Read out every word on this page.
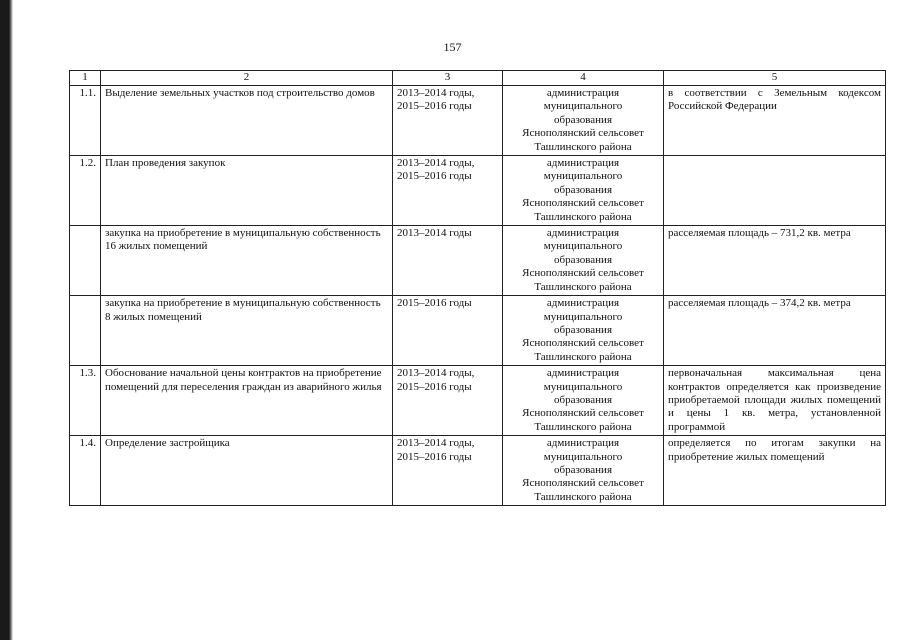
157
1	2	3	4	5
1.1.	Выделение земельных участков под строительство домов	2013–2014 годы, 2015–2016 годы	администрация
муниципального
образования
Яснополянский сельсовет
Ташлинского района	в соответствии с Земельным кодексом Российской Федерации
1.2.	План проведения закупок	2013–2014 годы, 2015–2016 годы	администрация
муниципального
образования
Яснополянский сельсовет
Ташлинского района	

	закупка на приобретение в муниципальную собственность 16 жилых помещений	2013–2014 годы	администрация
муниципального
образования
Яснополянский сельсовет
Ташлинского района	расселяемая площадь – 731,2 кв. метра
	закупка на приобретение в муниципальную собственность 8 жилых помещений	2015–2016 годы	администрация
муниципального
образования
Яснополянский сельсовет
Ташлинского района	расселяемая площадь – 374,2 кв. метра
1.3.	Обоснование начальной цены контрактов на приобретение помещений для переселения граждан из аварийного жилья	2013–2014 годы, 2015–2016 годы	администрация
муниципального
образования
Яснополянский сельсовет
Ташлинского района	первоначальная максимальная цена контрактов определяется как произведение приобретаемой площади жилых помещений и цены 1 кв. метра, установленной программой
1.4.	Определение застройщика	2013–2014 годы, 2015–2016 годы	администрация
муниципального
образования
Яснополянский сельсовет
Ташлинского района	определяется по итогам закупки на приобретение жилых помещений
